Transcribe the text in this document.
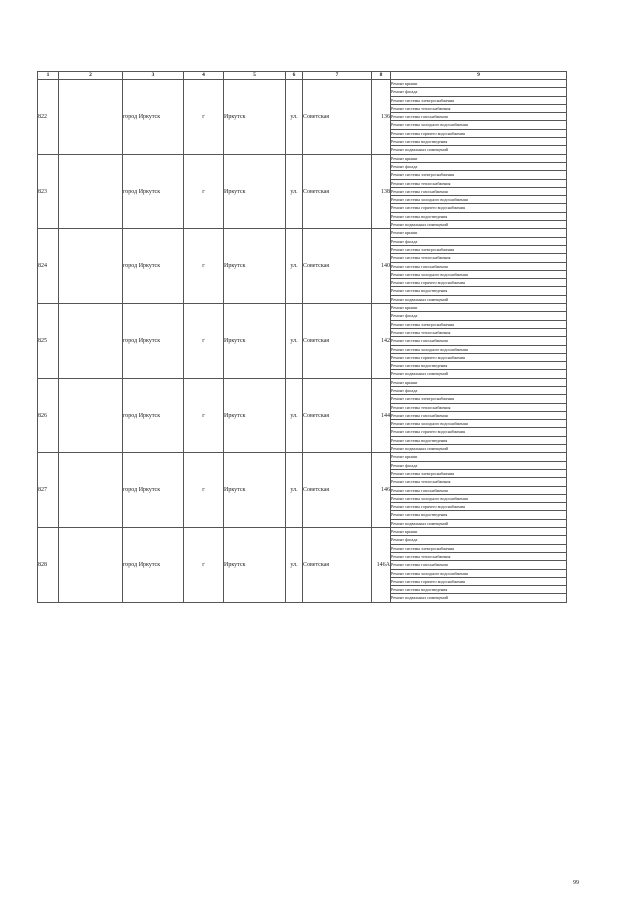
1	2	3	4	5	6	7	8	9
822		город Иркутск	г	Иркутск	ул.	Советская	136	Ремонт крыши
								Ремонт фасада
								Ремонт системы электроснабжения
								Ремонт системы теплоснабжения
								Ремонт системы газоснабжения
								Ремонт системы холодного водоснабжения
								Ремонт системы горячего водоснабжения
								Ремонт системы водоотведения
								Ремонт подвальных помещений
823		город Иркутск	г	Иркутск	ул.	Советская	138	Ремонт крыши
								Ремонт фасада
								Ремонт системы электроснабжения
								Ремонт системы теплоснабжения
								Ремонт системы газоснабжения
								Ремонт системы холодного водоснабжения
								Ремонт системы горячего водоснабжения
								Ремонт системы водоотведения
								Ремонт подвальных помещений
824		город Иркутск	г	Иркутск	ул.	Советская	140	Ремонт крыши
								Ремонт фасада
								Ремонт системы электроснабжения
								Ремонт системы теплоснабжения
								Ремонт системы газоснабжения
								Ремонт системы холодного водоснабжения
								Ремонт системы горячего водоснабжения
								Ремонт системы водоотведения
								Ремонт подвальных помещений
825		город Иркутск	г	Иркутск	ул.	Советская	142	Ремонт крыши
								Ремонт фасада
								Ремонт системы электроснабжения
								Ремонт системы теплоснабжения
								Ремонт системы газоснабжения
								Ремонт системы холодного водоснабжения
								Ремонт системы горячего водоснабжения
								Ремонт системы водоотведения
								Ремонт подвальных помещений
826		город Иркутск	г	Иркутск	ул.	Советская	144	Ремонт крыши
								Ремонт фасада
								Ремонт системы электроснабжения
								Ремонт системы теплоснабжения
								Ремонт системы газоснабжения
								Ремонт системы холодного водоснабжения
								Ремонт системы горячего водоснабжения
								Ремонт системы водоотведения
								Ремонт подвальных помещений
827		город Иркутск	г	Иркутск	ул.	Советская	146	Ремонт крыши
								Ремонт фасада
								Ремонт системы электроснабжения
								Ремонт системы теплоснабжения
								Ремонт системы газоснабжения
								Ремонт системы холодного водоснабжения
								Ремонт системы горячего водоснабжения
								Ремонт системы водоотведения
								Ремонт подвальных помещений
828		город Иркутск	г	Иркутск	ул.	Советская	146А	Ремонт крыши
								Ремонт фасада
								Ремонт системы электроснабжения
								Ремонт системы теплоснабжения
								Ремонт системы газоснабжения
								Ремонт системы холодного водоснабжения
								Ремонт системы горячего водоснабжения
								Ремонт системы водоотведения
								Ремонт подвальных помещений
99
